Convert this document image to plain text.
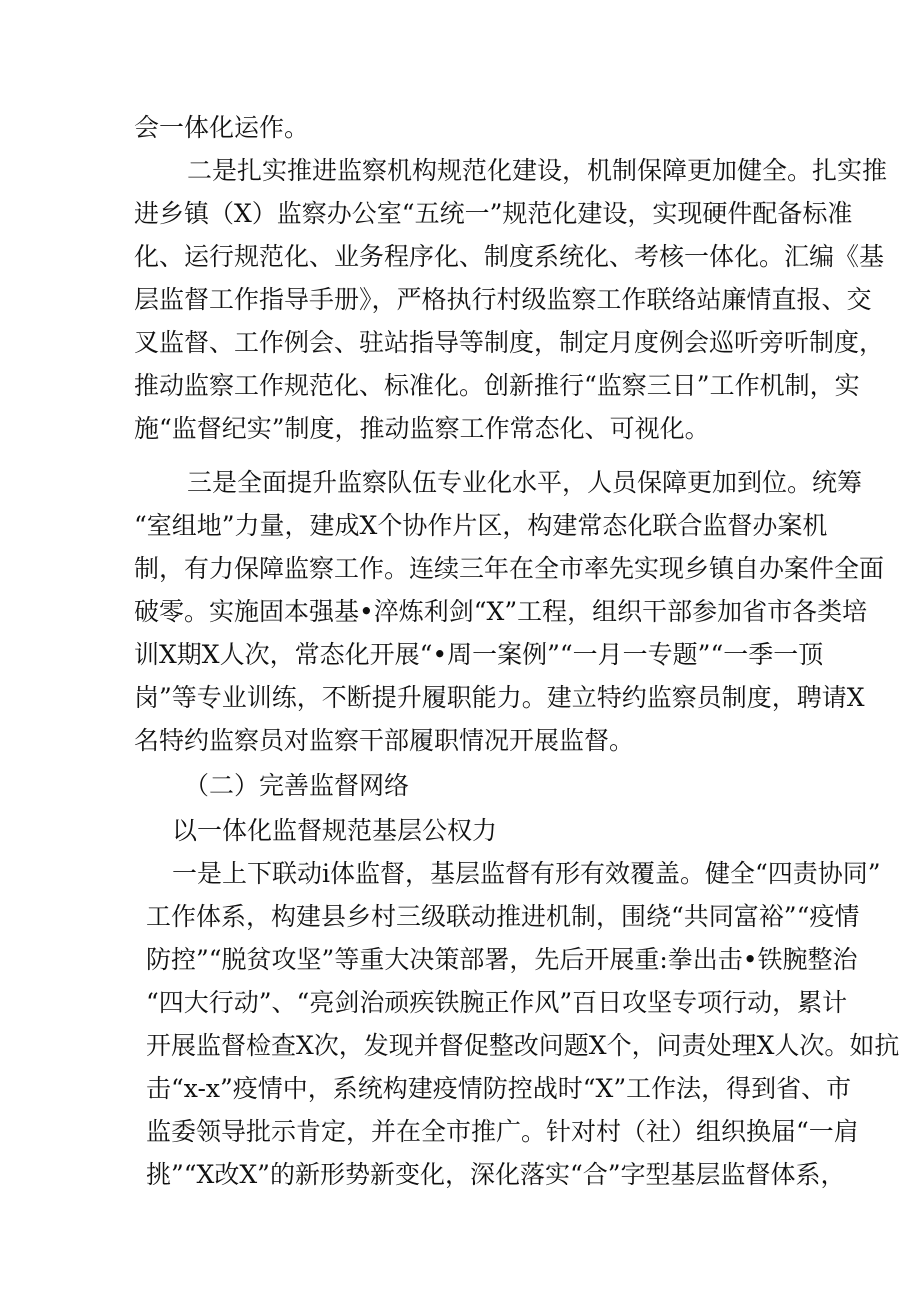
会一体化运作。
二是扎实推进监察机构规范化建设，机制保障更加健全。扎实推
进乡镇（X）监察办公室“五统一”规范化建设，实现硬件配备标准
化、运行规范化、业务程序化、制度系统化、考核一体化。汇编《基
层监督工作指导手册》，严格执行村级监察工作联络站廉情直报、交
叉监督、工作例会、驻站指导等制度，制定月度例会巡听旁听制度，
推动监察工作规范化、标准化。创新推行“监察三日”工作机制，实
施“监督纪实”制度，推动监察工作常态化、可视化。
三是全面提升监察队伍专业化水平，人员保障更加到位。统筹
“室组地”力量，建成X个协作片区，构建常态化联合监督办案机
制，有力保障监察工作。连续三年在全市率先实现乡镇自办案件全面
破零。实施固本强基•淬炼利剑“X”工程，组织干部参加省市各类培
训X期X人次，常态化开展“•周一案例”“一月一专题”“一季一顶
岗”等专业训练，不断提升履职能力。建立特约监察员制度，聘请X
名特约监察员对监察干部履职情况开展监督。
（二）完善监督网络
以一体化监督规范基层公权力
一是上下联动i体监督，基层监督有形有效覆盖。健全“四责协同”
工作体系，构建县乡村三级联动推进机制，围绕“共同富裕”“疫情
防控”“脱贫攻坚”等重大决策部署，先后开展重:拳出击•铁腕整治
“四大行动”、“亮剑治顽疾铁腕正作风”百日攻坚专项行动，累计
开展监督检查X次，发现并督促整改问题X个，问责处理X人次。如抗
击“x-x”疫情中，系统构建疫情防控战时“X”工作法，得到省、市
监委领导批示肯定，并在全市推广。针对村（社）组织换届“一肩
挑”“X改X”的新形势新变化，深化落实“合”字型基层监督体系，
